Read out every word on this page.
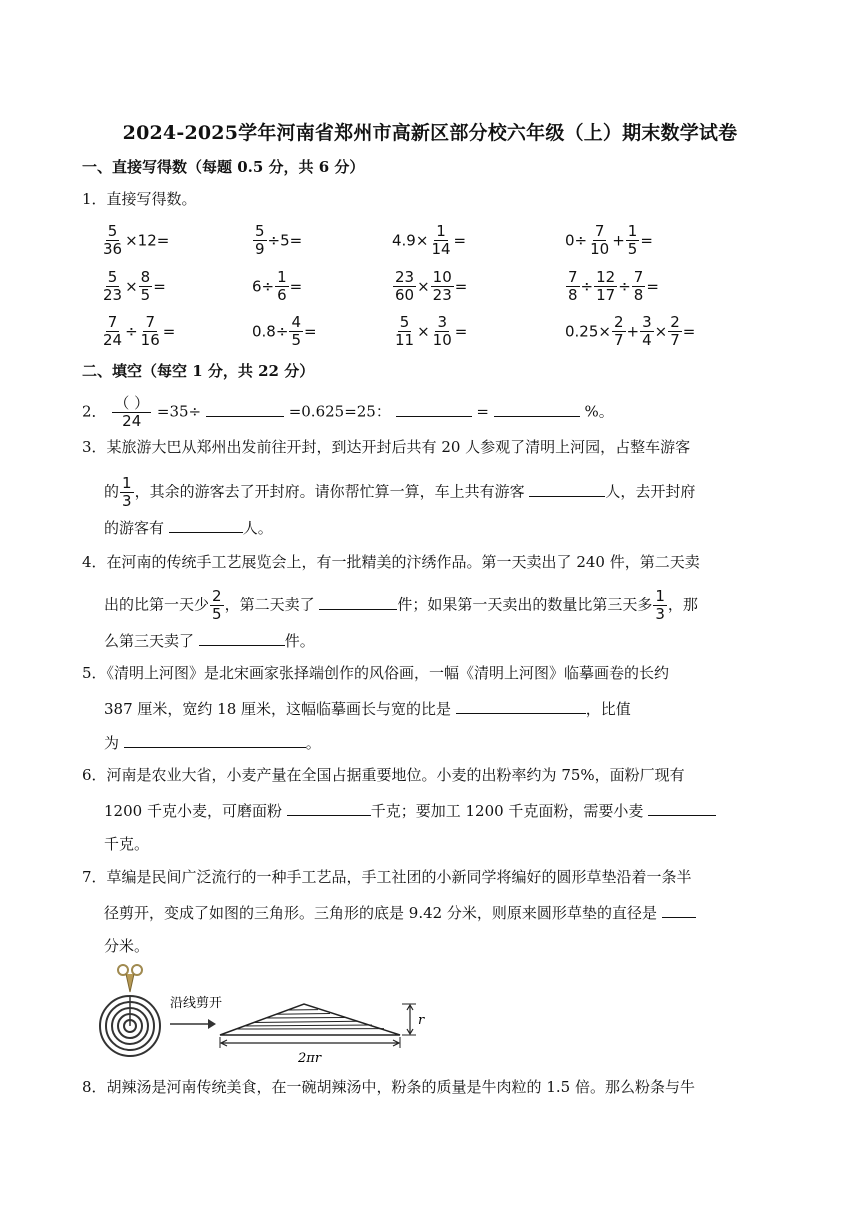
2024-2025学年河南省郑州市高新区部分校六年级（上）期末数学试卷
一、直接写得数（每题 0.5 分，共 6 分）
1．直接写得数。
$\frac{5}{36} \times 12=$	$\frac{5}{9} \div 5=$	$4.9\times \frac{1}{14}$ =	$0\div \frac{7}{10} + \frac{1}{5}$ =
$\frac{5}{23} \times \frac{8}{5}$ =	$6\div \frac{1}{6}$ =	$\frac{23}{60} \times \frac{10}{23}$ =	$\frac{7}{8} \div \frac{12}{17} \div \frac{7}{8}$ =
$\frac{7}{24} \div \frac{7}{16}$ =	$0.8\div \frac{4}{5}$ =	$\frac{5}{11} \times \frac{3}{10}$ =	$0.25\times \frac{2}{7} + \frac{3}{4} \times \frac{2}{7}$ =
二、填空（每空 1 分，共 22 分）
2． $\frac{( )}{24} =35\div$	=0.625=25：	=	%。
3．某旅游大巴从郑州出发前往开封，到达开封后共有 20 人参观了清明上河园，占整车游客
的 $\frac{1}{3}$ ，其余的游客去了开封府。请你帮忙算一算，车上共有游客	人，去开封府
的游客有	人。
4．在河南的传统手工艺展览会上，有一批精美的汴绣作品。第一天卖出了 240 件，第二天卖
出的比第一天少 $\frac{2}{5}$ ，第二天卖了	件；如果第一天卖出的数量比第三天多 $\frac{1}{3}$ ，那
么第三天卖了	件。
5．《清明上河图》是北宋画家张择端创作的风俗画，一幅《清明上河图》临摹画卷的长约
387 厘米，宽约 18 厘米，这幅临摹画长与宽的比是	，比值
为	。
6．河南是农业大省，小麦产量在全国占据重要地位。小麦的出粉率约为 75%，面粉厂现有
1200 千克小麦，可磨面粉	千克；要加工 1200 千克面粉，需要小麦
千克。
7．草编是民间广泛流行的一种手工艺品，手工社团的小新同学将编好的圆形草垫沿着一条半
径剪开，变成了如图的三角形。三角形的底是 9.42 分米，则原来圆形草垫的直径是
分米。
沿线剪开
r
2πr
8．胡辣汤是河南传统美食，在一碗胡辣汤中，粉条的质量是牛肉粒的 1.5 倍。那么粉条与牛
